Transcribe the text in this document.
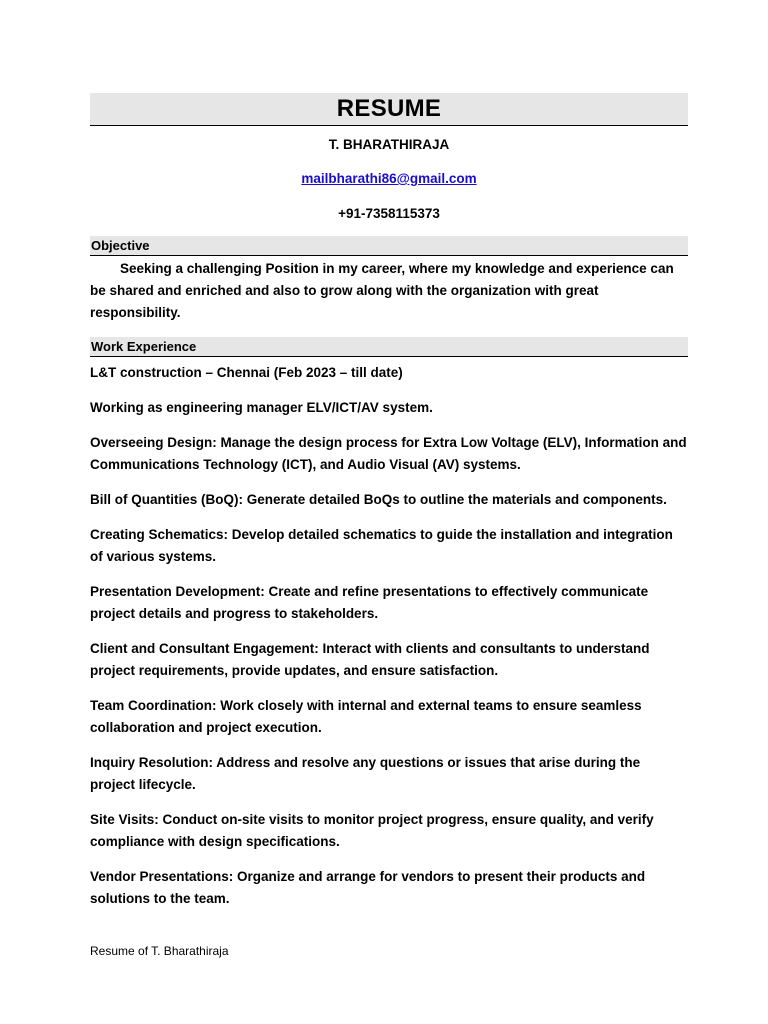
RESUME
T. BHARATHIRAJA
mailbharathi86@gmail.com
+91-7358115373
Objective

Seeking a challenging Position in my career, where my knowledge and experience can be shared and enriched and also to grow along with the organization with great responsibility.

Work Experience

L&T construction – Chennai (Feb 2023 – till date)

Working as engineering manager ELV/ICT/AV system.

Overseeing Design: Manage the design process for Extra Low Voltage (ELV), Information and Communications Technology (ICT), and Audio Visual (AV) systems.

Bill of Quantities (BoQ): Generate detailed BoQs to outline the materials and components.

Creating Schematics: Develop detailed schematics to guide the installation and integration of various systems.

Presentation Development: Create and refine presentations to effectively communicate project details and progress to stakeholders.

Client and Consultant Engagement: Interact with clients and consultants to understand project requirements, provide updates, and ensure satisfaction.

Team Coordination: Work closely with internal and external teams to ensure seamless collaboration and project execution.

Inquiry Resolution: Address and resolve any questions or issues that arise during the project lifecycle.

Site Visits: Conduct on-site visits to monitor project progress, ensure quality, and verify compliance with design specifications.

Vendor Presentations: Organize and arrange for vendors to present their products and solutions to the team.

Resume of T. Bharathiraja
